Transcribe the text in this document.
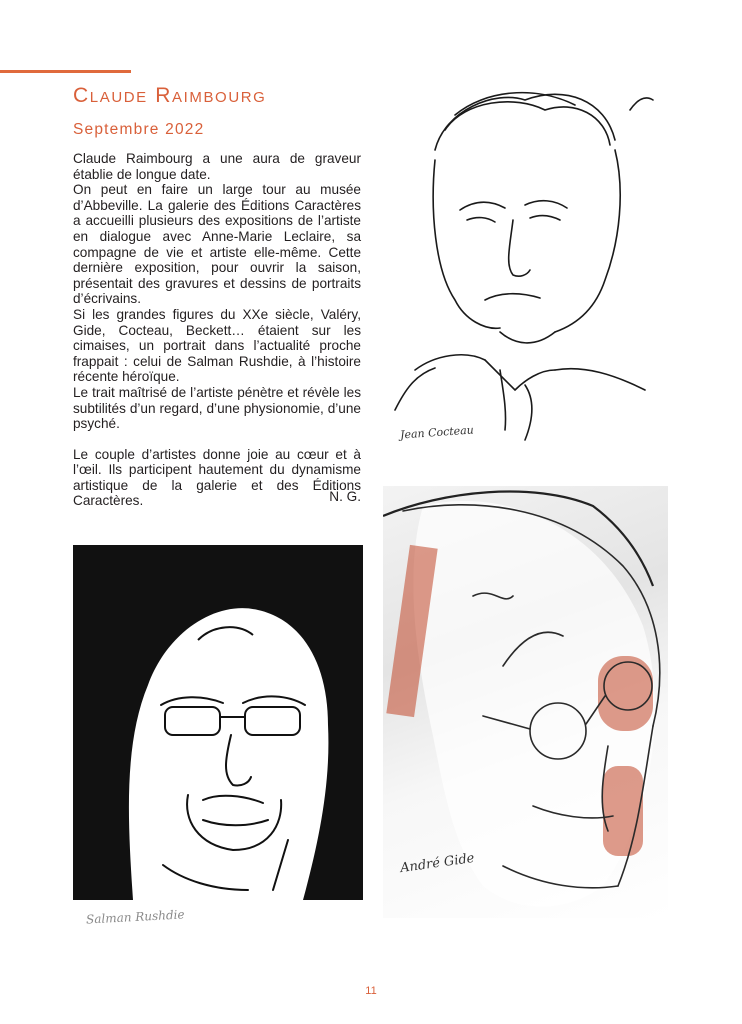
Claude Raimbourg
Septembre 2022

Claude Raimbourg a une aura de graveur établie de longue date.

On peut en faire un large tour au musée d’Abbeville. La galerie des Éditions Caractères a accueilli plusieurs des expositions de l’artiste en dialogue avec Anne-Marie Leclaire, sa compagne de vie et artiste elle-même. Cette dernière exposition, pour ouvrir la saison, présentait des gravures et dessins de portraits d’écrivains.

Si les grandes figures du XXe siècle, Valéry, Gide, Cocteau, Beckett… étaient sur les cimaises, un portrait dans l’actualité proche frappait : celui de Salman Rushdie, à l’histoire récente héroïque.

Le trait maîtrisé de l’artiste pénètre et révèle les subtilités d’un regard, d’une physionomie, d’une psyché.

Le couple d’artistes donne joie au cœur et à l’œil. Ils participent hautement du dynamisme artistique de la galerie et des Éditions Caractères.	N. G.
Jean Cocteau
Salman Rushdie
André Gide
11
